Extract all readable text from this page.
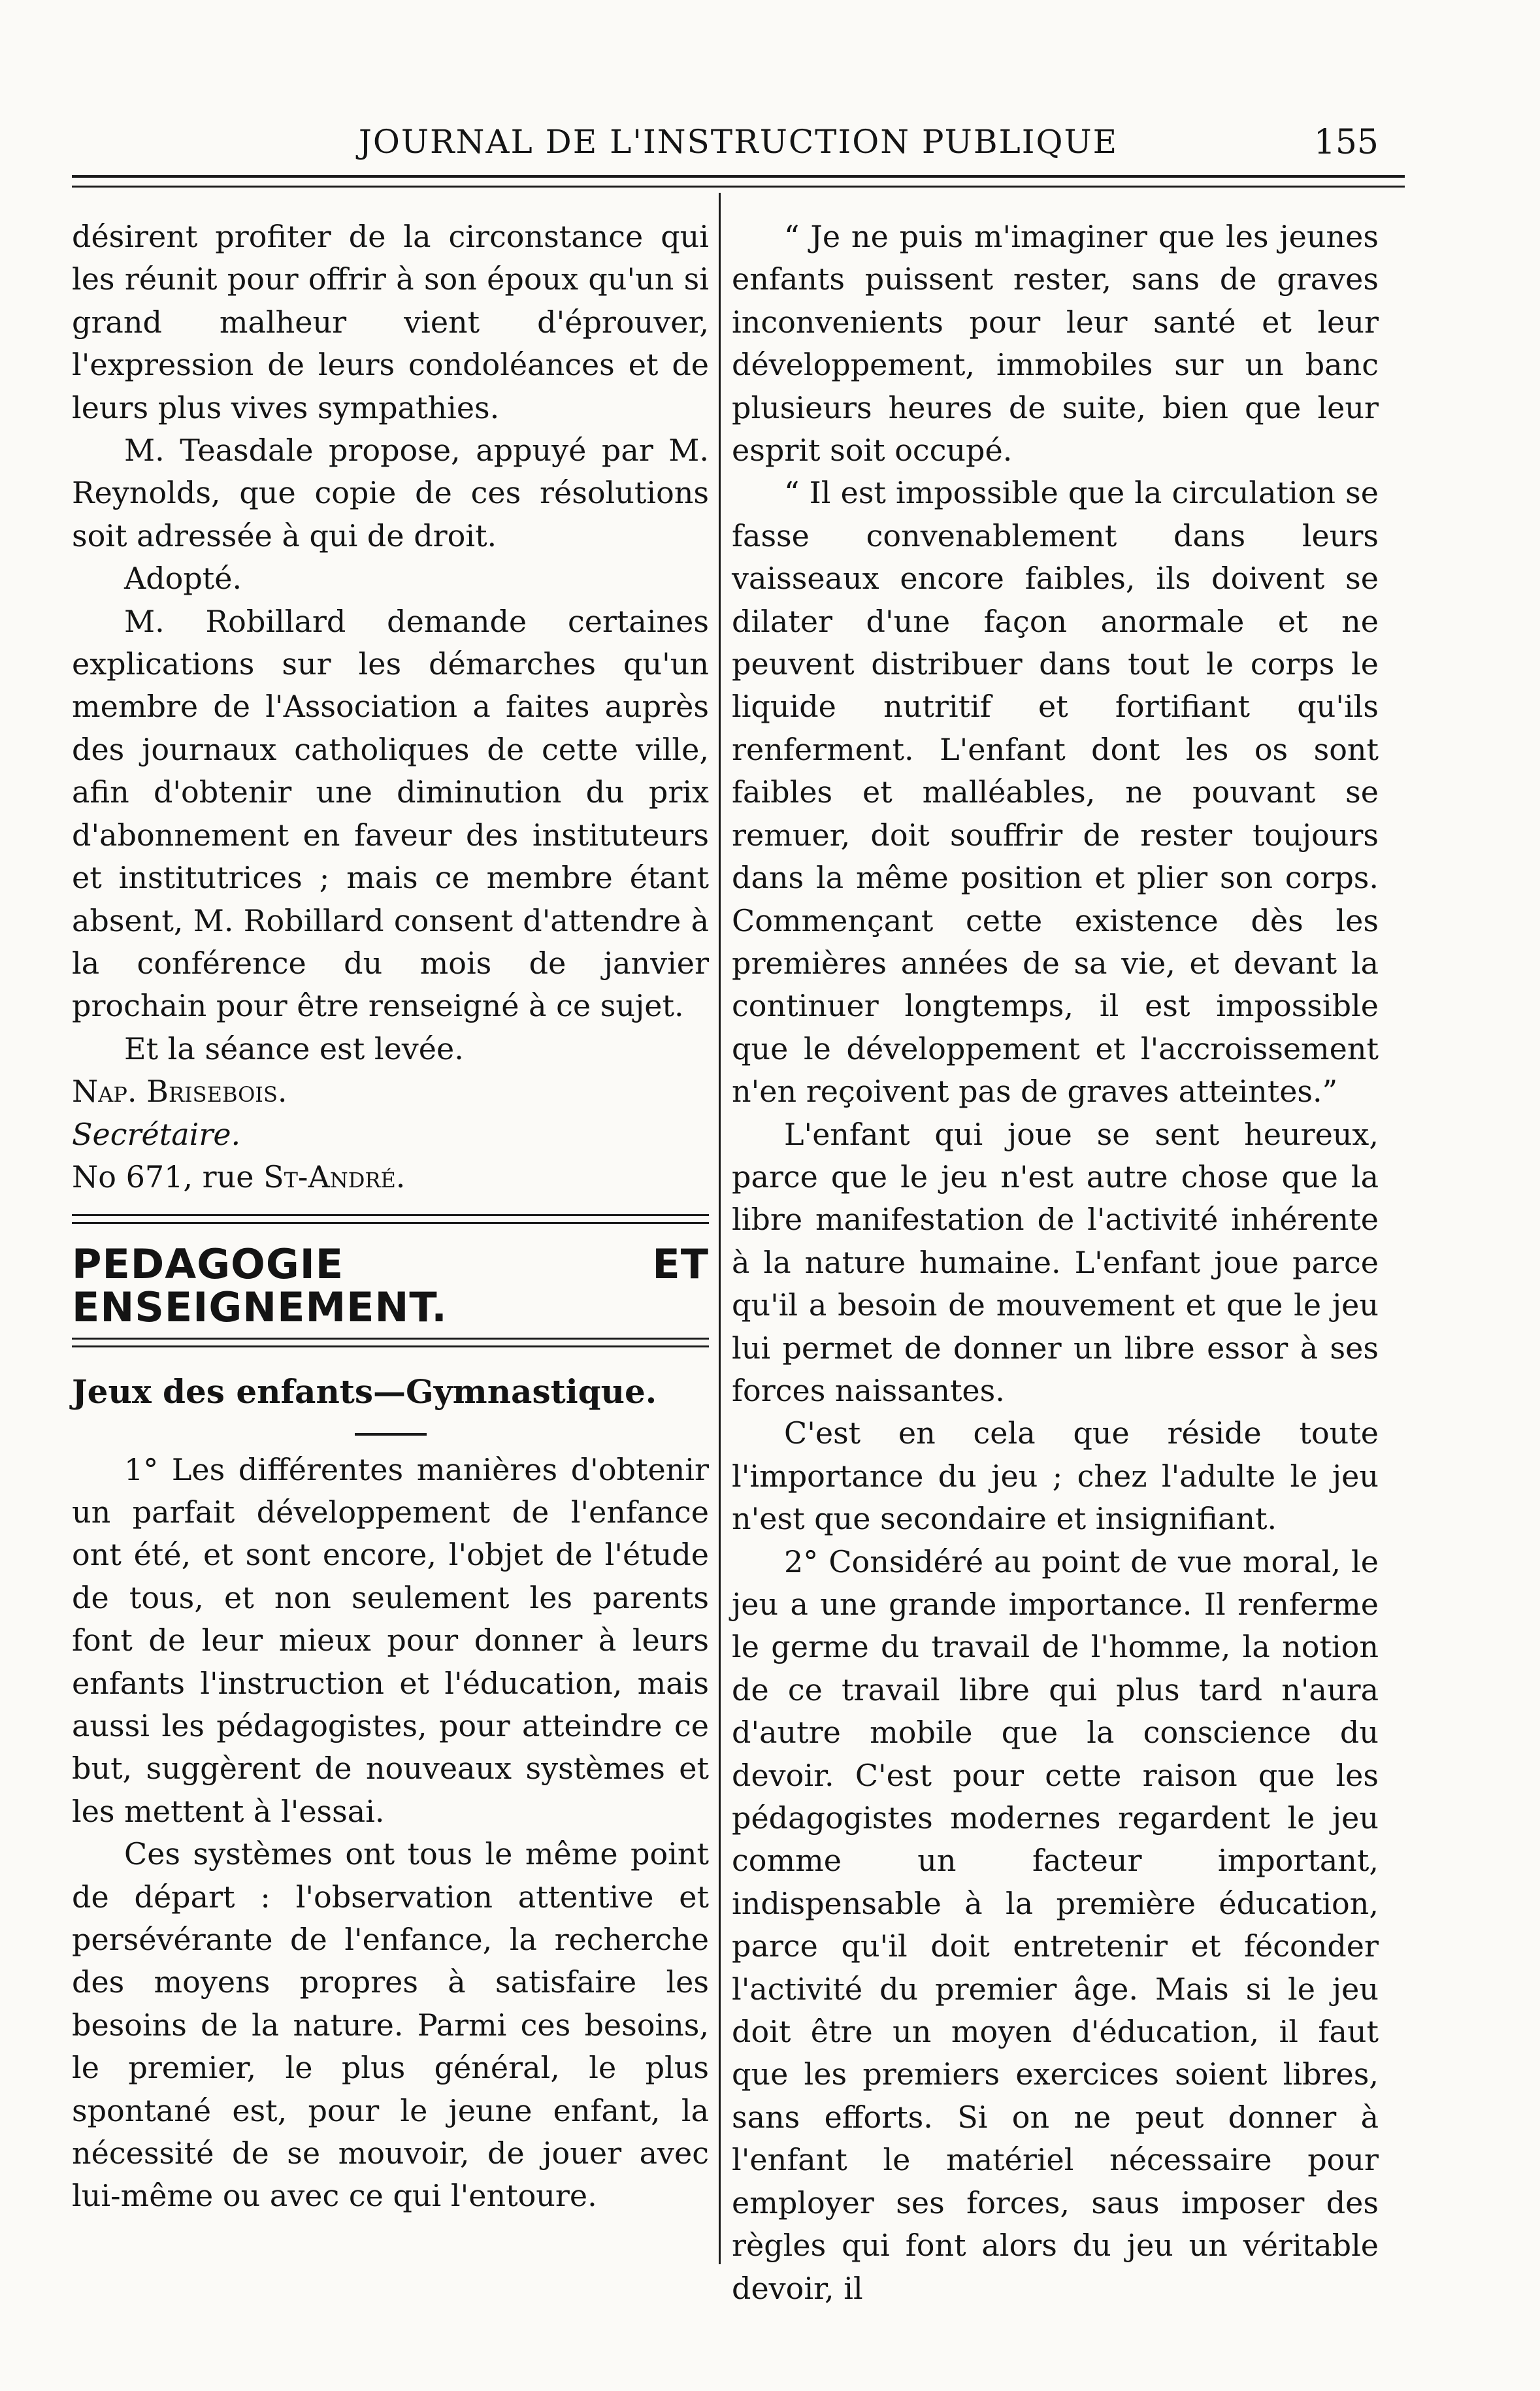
JOURNAL DE L'INSTRUCTION PUBLIQUE	155

désirent profiter de la circonstance qui les réunit pour offrir à son époux qu'un si grand malheur vient d'éprouver, l'expression de leurs condoléances et de leurs plus vives sympathies.

M. Teasdale propose, appuyé par M. Reynolds, que copie de ces résolutions soit adressée à qui de droit.

Adopté.

M. Robillard demande certaines explications sur les démarches qu'un membre de l'Association a faites auprès des journaux catholiques de cette ville, afin d'obtenir une diminution du prix d'abonnement en faveur des instituteurs et institutrices ; mais ce membre étant absent, M. Robillard consent d'attendre à la conférence du mois de janvier prochain pour être renseigné à ce sujet.

Et la séance est levée.

Nap. Brisebois.

Secrétaire.

No 671, rue St-André.

PEDAGOGIE ET ENSEIGNEMENT.

Jeux des enfants—Gymnastique.

1° Les différentes manières d'obtenir un parfait développement de l'enfance ont été, et sont encore, l'objet de l'étude de tous, et non seulement les parents font de leur mieux pour donner à leurs enfants l'instruction et l'éducation, mais aussi les pédagogistes, pour atteindre ce but, suggèrent de nouveaux systèmes et les mettent à l'essai.

Ces systèmes ont tous le même point de départ : l'observation attentive et persévérante de l'enfance, la recherche des moyens propres à satisfaire les besoins de la nature. Parmi ces besoins, le premier, le plus général, le plus spontané est, pour le jeune enfant, la nécessité de se mouvoir, de jouer avec lui-même ou avec ce qui l'entoure.

“ Je ne puis m'imaginer que les jeunes enfants puissent rester, sans de graves inconvenients pour leur santé et leur développement, immobiles sur un banc plusieurs heures de suite, bien que leur esprit soit occupé.

“ Il est impossible que la circulation se fasse convenablement dans leurs vaisseaux encore faibles, ils doivent se dilater d'une façon anormale et ne peuvent distribuer dans tout le corps le liquide nutritif et fortifiant qu'ils renferment. L'enfant dont les os sont faibles et malléables, ne pouvant se remuer, doit souffrir de rester toujours dans la même position et plier son corps. Commençant cette existence dès les premières années de sa vie, et devant la continuer longtemps, il est impossible que le développement et l'accroissement n'en reçoivent pas de graves atteintes.”

L'enfant qui joue se sent heureux, parce que le jeu n'est autre chose que la libre manifestation de l'activité inhérente à la nature humaine. L'enfant joue parce qu'il a besoin de mouvement et que le jeu lui permet de donner un libre essor à ses forces naissantes.

C'est en cela que réside toute l'importance du jeu ; chez l'adulte le jeu n'est que secondaire et insignifiant.

2° Considéré au point de vue moral, le jeu a une grande importance. Il renferme le germe du travail de l'homme, la notion de ce travail libre qui plus tard n'aura d'autre mobile que la conscience du devoir. C'est pour cette raison que les pédagogistes modernes regardent le jeu comme un facteur important, indispensable à la première éducation, parce qu'il doit entretenir et féconder l'activité du premier âge. Mais si le jeu doit être un moyen d'éducation, il faut que les premiers exercices soient libres, sans efforts. Si on ne peut donner à l'enfant le matériel nécessaire pour employer ses forces, saus imposer des règles qui font alors du jeu un véritable devoir, il
